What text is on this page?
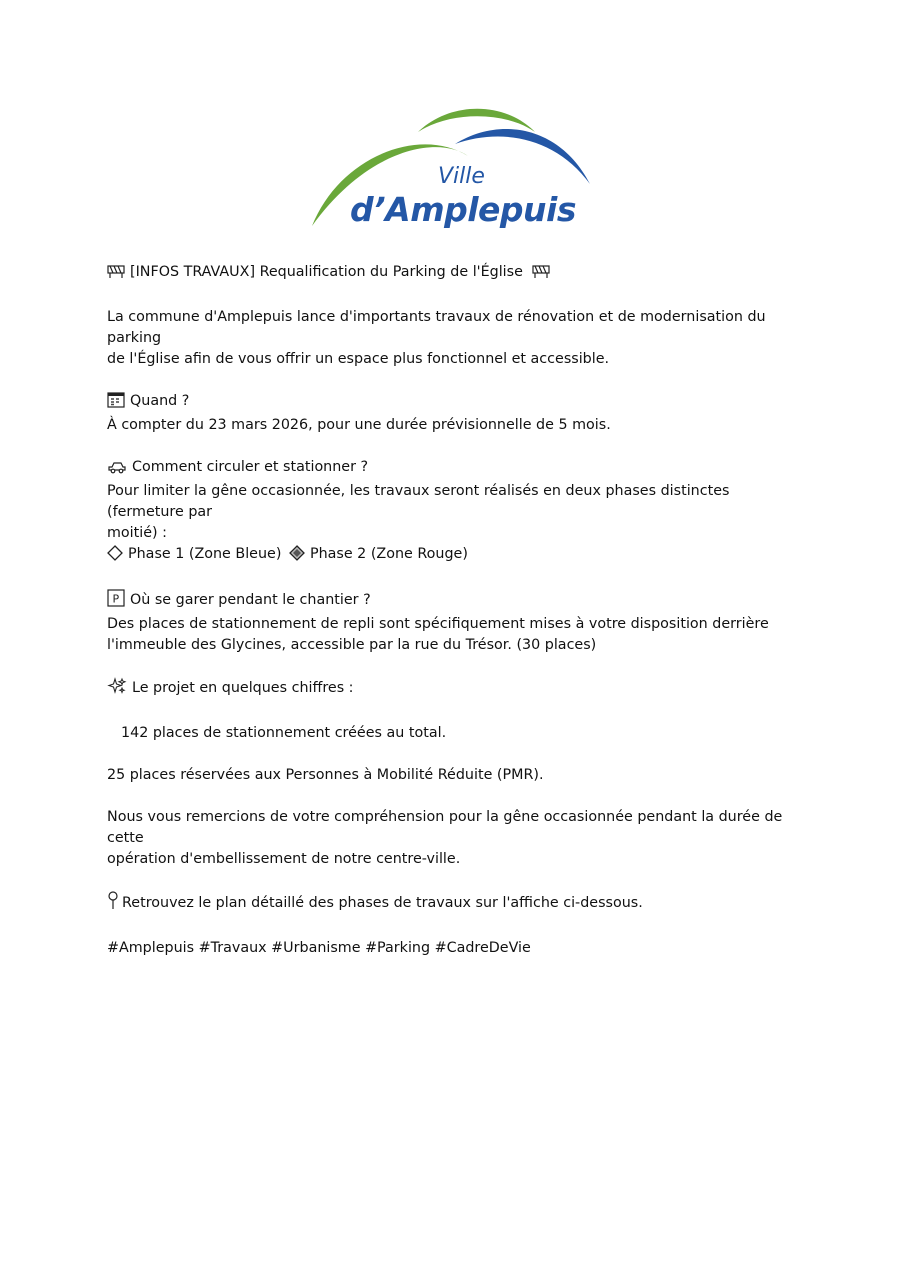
Ville
d’Amplepuis

[INFOS TRAVAUX] Requalification du Parking de l'Église

La commune d'Amplepuis lance d'importants travaux de rénovation et de modernisation du parking

de l'Église afin de vous offrir un espace plus fonctionnel et accessible.

Quand ?

À compter du 23 mars 2026, pour une durée prévisionnelle de 5 mois.

Comment circuler et stationner ?

Pour limiter la gêne occasionnée, les travaux seront réalisés en deux phases distinctes (fermeture par

moitié) :

Phase 1 (Zone Bleue) Phase 2 (Zone Rouge)

P Où se garer pendant le chantier ?

Des places de stationnement de repli sont spécifiquement mises à votre disposition derrière

l'immeuble des Glycines, accessible par la rue du Trésor. (30 places)

Le projet en quelques chiffres :

142 places de stationnement créées au total.

25 places réservées aux Personnes à Mobilité Réduite (PMR).

Nous vous remercions de votre compréhension pour la gêne occasionnée pendant la durée de cette

opération d'embellissement de notre centre-ville.

Retrouvez le plan détaillé des phases de travaux sur l'affiche ci-dessous.

#Amplepuis #Travaux #Urbanisme #Parking #CadreDeVie
